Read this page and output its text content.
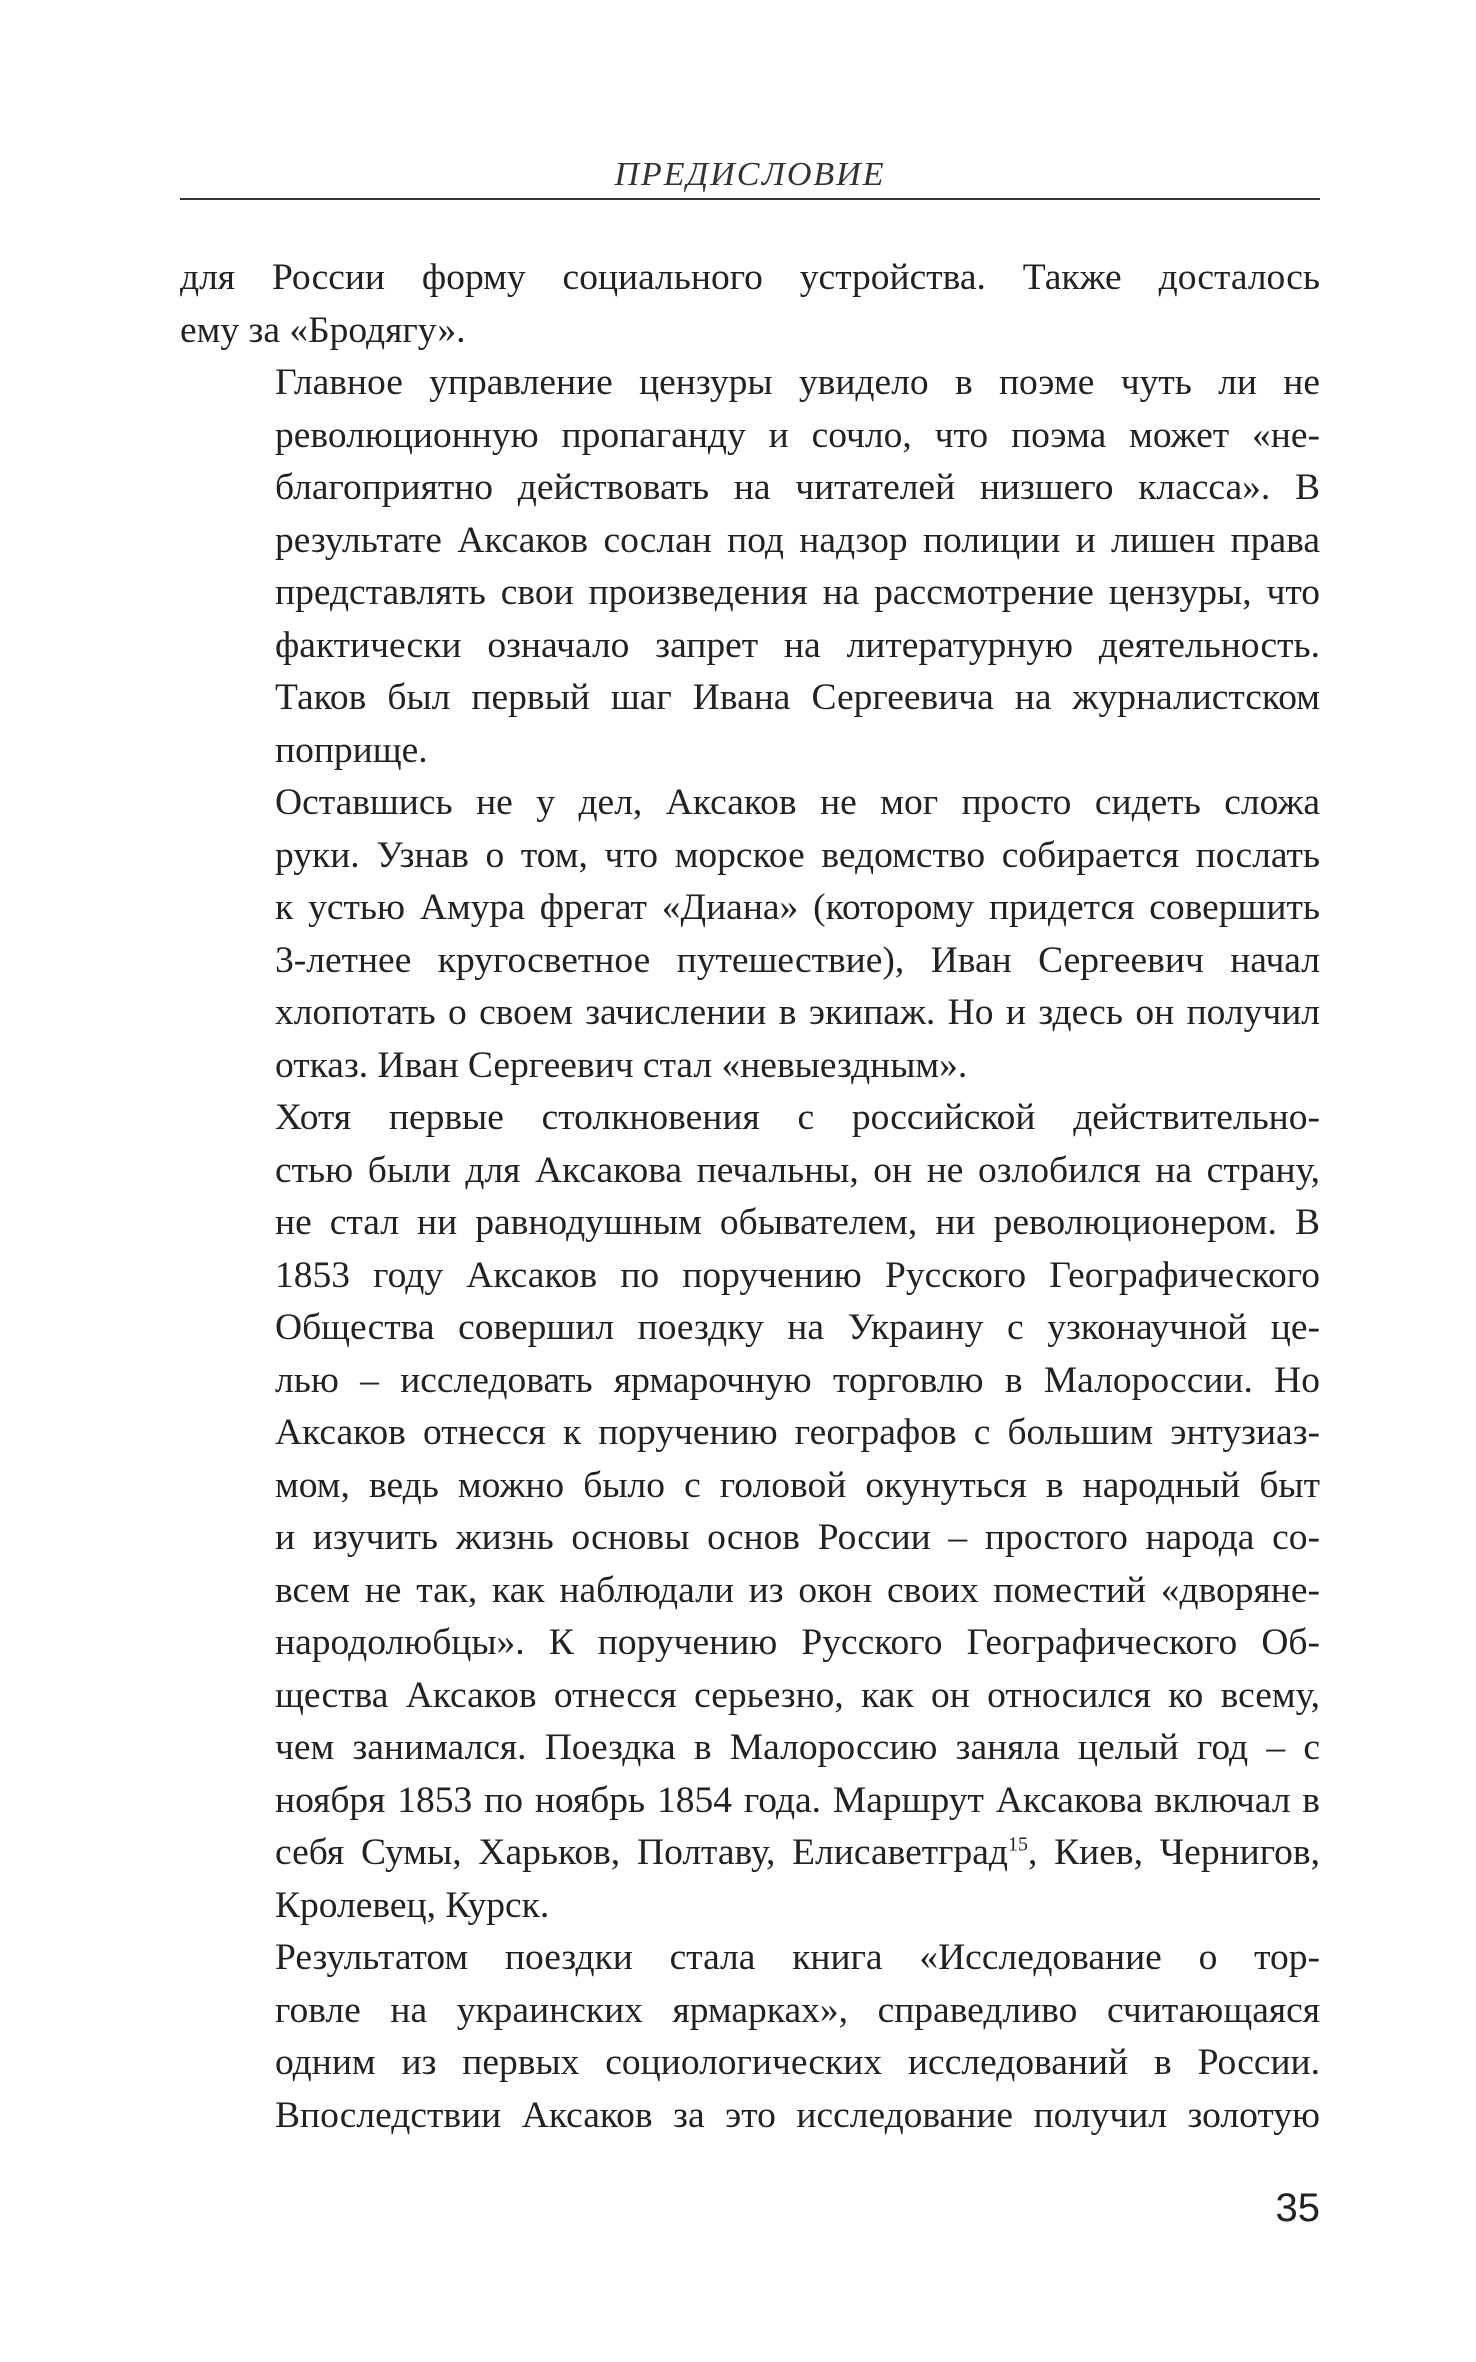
ПРЕДИСЛОВИЕ

для России форму социального устройства. Также досталось
ему за «Бродягу».

Главное управление цензуры увидело в поэме чуть ли не
революционную пропаганду и сочло, что поэма может «не-
благоприятно действовать на читателей низшего класса». В
результате Аксаков сослан под надзор полиции и лишен права
представлять свои произведения на рассмотрение цензуры, что
фактически означало запрет на литературную деятельность.
Таков был первый шаг Ивана Сергеевича на журналистском
поприще.

Оставшись не у дел, Аксаков не мог просто сидеть сложа
руки. Узнав о том, что морское ведомство собирается послать
к устью Амура фрегат «Диана» (которому придется совершить
3-летнее кругосветное путешествие), Иван Сергеевич начал
хлопотать о своем зачислении в экипаж. Но и здесь он получил
отказ. Иван Сергеевич стал «невыездным».

Хотя первые столкновения с российской действительно-
стью были для Аксакова печальны, он не озлобился на страну,
не стал ни равнодушным обывателем, ни революционером. В
1853 году Аксаков по поручению Русского Географического
Общества совершил поездку на Украину с узконаучной це-
лью – исследовать ярмарочную торговлю в Малороссии. Но
Аксаков отнесся к поручению географов с большим энтузиаз-
мом, ведь можно было с головой окунуться в народный быт
и изучить жизнь основы основ России – простого народа со-
всем не так, как наблюдали из окон своих поместий «дворяне-
народолюбцы». К поручению Русского Географического Об-
щества Аксаков отнесся серьезно, как он относился ко всему,
чем занимался. Поездка в Малороссию заняла целый год – с
ноября 1853 по ноябрь 1854 года. Маршрут Аксакова включал в
себя Сумы, Харьков, Полтаву, Елисаветград$^{15}$, Киев, Чернигов,
Кролевец, Курск.

Результатом поездки стала книга «Исследование о тор-
говле на украинских ярмарках», справедливо считающаяся
одним из первых социологических исследований в России.
Впоследствии Аксаков за это исследование получил золотую

35
